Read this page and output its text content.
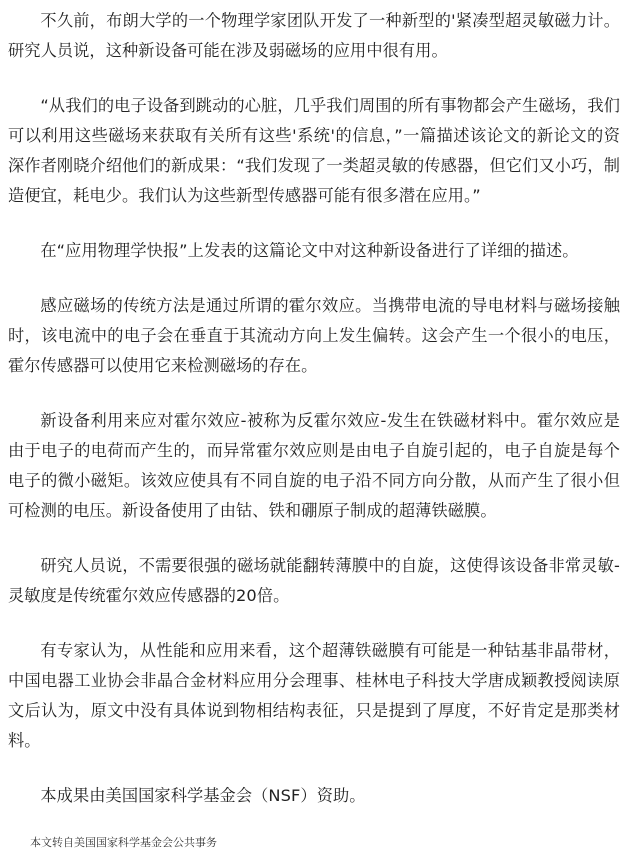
不久前，布朗大学的一个物理学家团队开发了一种新型的'紧凑型超灵敏磁力计。研究人员说，这种新设备可能在涉及弱磁场的应用中很有用。

“从我们的电子设备到跳动的心脏，几乎我们周围的所有事物都会产生磁场，我们可以利用这些磁场来获取有关所有这些'系统'的信息，”一篇描述该论文的新论文的资深作者刚晓介绍他们的新成果：“我们发现了一类超灵敏的传感器，但它们又小巧，制造便宜，耗电少。我们认为这些新型传感器可能有很多潜在应用。”

在“应用物理学快报”上发表的这篇论文中对这种新设备进行了详细的描述。

感应磁场的传统方法是通过所谓的霍尔效应。当携带电流的导电材料与磁场接触时，该电流中的电子会在垂直于其流动方向上发生偏转。这会产生一个很小的电压，霍尔传感器可以使用它来检测磁场的存在。

新设备利用来应对霍尔效应-被称为反霍尔效应-发生在铁磁材料中。霍尔效应是由于电子的电荷而产生的，而异常霍尔效应则是由电子自旋引起的，电子自旋是每个电子的微小磁矩。该效应使具有不同自旋的电子沿不同方向分散，从而产生了很小但可检测的电压。新设备使用了由钴、铁和硼原子制成的超薄铁磁膜。

研究人员说，不需要很强的磁场就能翻转薄膜中的自旋，这使得该设备非常灵敏-灵敏度是传统霍尔效应传感器的20倍。

有专家认为，从性能和应用来看，这个超薄铁磁膜有可能是一种钴基非晶带材，中国电器工业协会非晶合金材料应用分会理事、桂林电子科技大学唐成颖教授阅读原文后认为，原文中没有具体说到物相结构表征，只是提到了厚度，不好肯定是那类材料。

本成果由美国国家科学基金会（NSF）资助。

本文转自美国国家科学基金会公共事务
